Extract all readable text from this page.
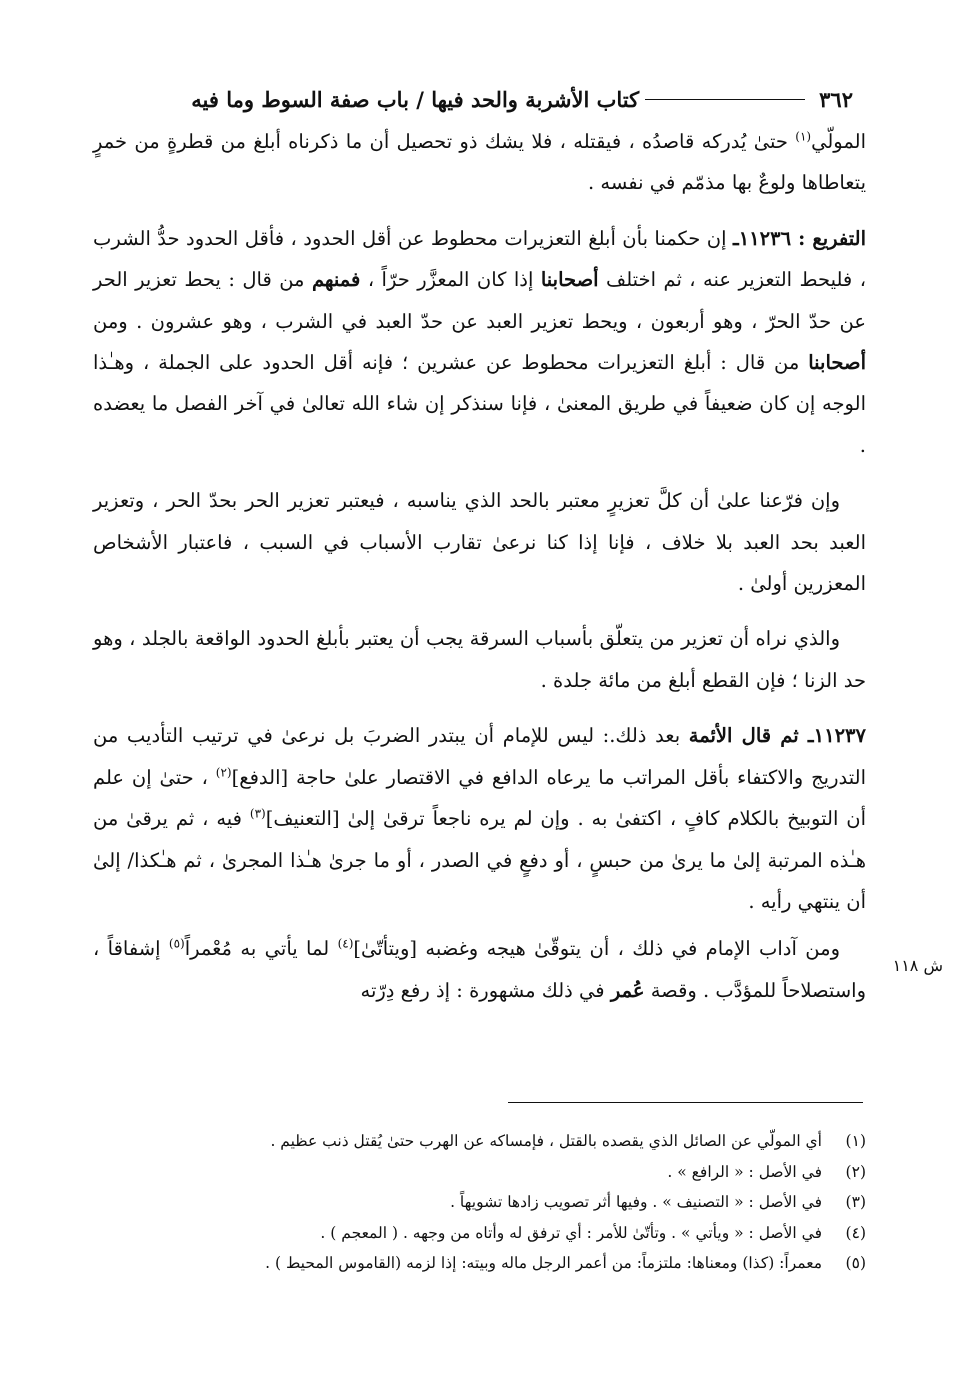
٣٦٢
كتاب الأشربة والحد فيها / باب صفة السوط وما فيه

المولّي$^{(١)}$ حتىٰ يُدركه قاصدُه ، فيقتله ، فلا يشك ذو تحصيل أن ما ذكرناه أبلغ من قطرةٍ من خمرٍ يتعاطاها ولوعٌ بها مذمّم في نفسه .

التفريع : ١١٢٣٦ـ إن حكمنا بأن أبلغ التعزيرات محطوط عن أقل الحدود ، فأقل الحدود حدُّ الشرب ، فليحط التعزير عنه ، ثم اختلف أصحابنا إذا كان المعزَّر حرّاً ، فمنهم من قال : يحط تعزير الحر عن حدّ الحرّ ، وهو أربعون ، ويحط تعزير العبد عن حدّ العبد في الشرب ، وهو عشرون . ومن أصحابنا من قال : أبلغ التعزيرات محطوط عن عشرين ؛ فإنه أقل الحدود على الجملة ، وهـٰذا الوجه إن كان ضعيفاً في طريق المعنىٰ ، فإنا سنذكر إن شاء الله تعالىٰ في آخر الفصل ما يعضده .

وإن فرّعنا علىٰ أن كلَّ تعزيرٍ معتبر بالحد الذي يناسبه ، فيعتبر تعزير الحر بحدّ الحر ، وتعزير العبد بحد العبد بلا خلاف ، فإنا إذا كنا نرعىٰ تقارب الأسباب في السبب ، فاعتبار الأشخاص المعزرين أولىٰ .

والذي نراه أن تعزير من يتعلّق بأسباب السرقة يجب أن يعتبر بأبلغ الحدود الواقعة بالجلد ، وهو حد الزنا ؛ فإن القطع أبلغ من مائة جلدة .

١١٢٣٧ـ ثم قال الأئمة بعد ذلك.: ليس للإمام أن يبتدر الضربَ بل نرعىٰ في ترتيب التأديب من التدريج والاكتفاء بأقل المراتب ما يرعاه الدافع في الاقتصار علىٰ حاجة [الدفع]$^{(٢)}$ ، حتىٰ إن علم أن التوبيخ بالكلام كافٍ ، اكتفىٰ به . وإن لم يره ناجعاً ترقىٰ إلىٰ [التعنيف]$^{(٣)}$ فيه ، ثم يرقىٰ من هـٰذه المرتبة إلىٰ ما يرىٰ من حبسٍ ، أو دفعٍ في الصدر ، أو ما جرىٰ هـٰذا المجرىٰ ، ثم هـٰكذا/ إلىٰ أن ينتهي رأيه .

ومن آداب الإمام في ذلك ، أن يتوقّىٰ هيجه وغضبه [ويتأتّىٰ]$^{(٤)}$ لما يأتي به مُعْمراً$^{(٥)}$ إشفاقاً ، واستصلاحاً للمؤدَّب . وقصة عُمر في ذلك مشهورة : إذ رفع دِرّته

ش ١١٨
(١)
أي المولّي عن الصائل الذي يقصده بالقتل ، فإمساكه عن الهرب حتىٰ يُقتل ذنب عظيم .
(٢)
في الأصل : « الرافع » .
(٣)
في الأصل : « التصنيف » . وفيها أثر تصويب زادها تشويهاً .
(٤)
في الأصل : « ويأتي » . وتأتّىٰ للأمر : أي ترفق له وأتاه من وجهه . ( المعجم ) .
(٥)
معمراً: (كذا) ومعناها: ملتزماً: من أعمر الرجل ماله وبيته: إذا لزمه (القاموس المحيط ) .
